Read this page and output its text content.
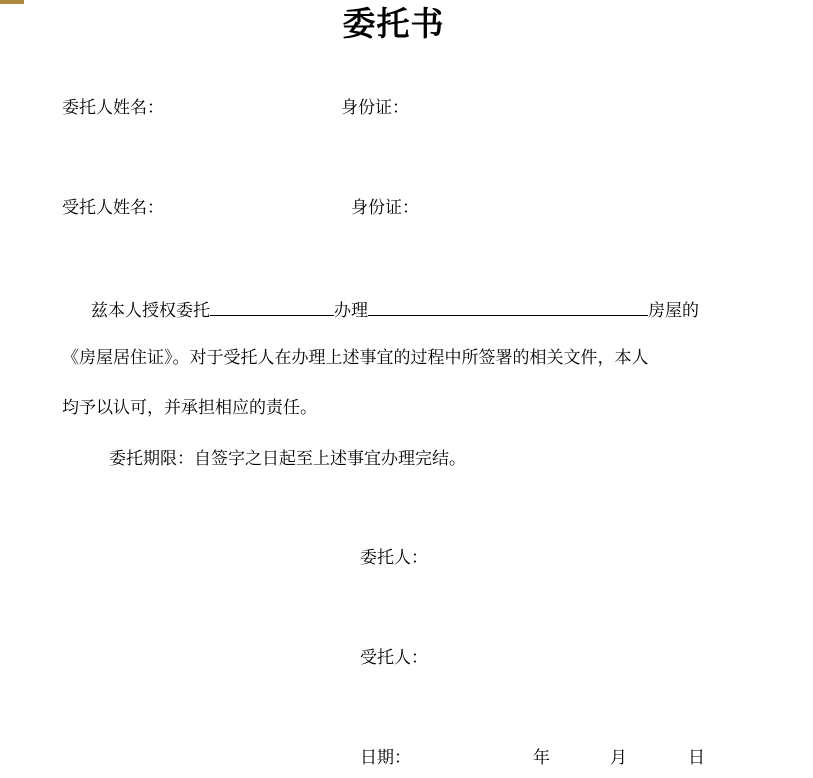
委托书
委托人姓名：	身份证：
受托人姓名：	身份证：
兹本人授权委托	办理	房屋的
《房屋居住证》。对于受托人在办理上述事宜的过程中所签署的相关文件，本人
均予以认可，并承担相应的责任。
委托期限：自签字之日起至上述事宜办理完结。
委托人：
受托人：
日期：	年	月	日
